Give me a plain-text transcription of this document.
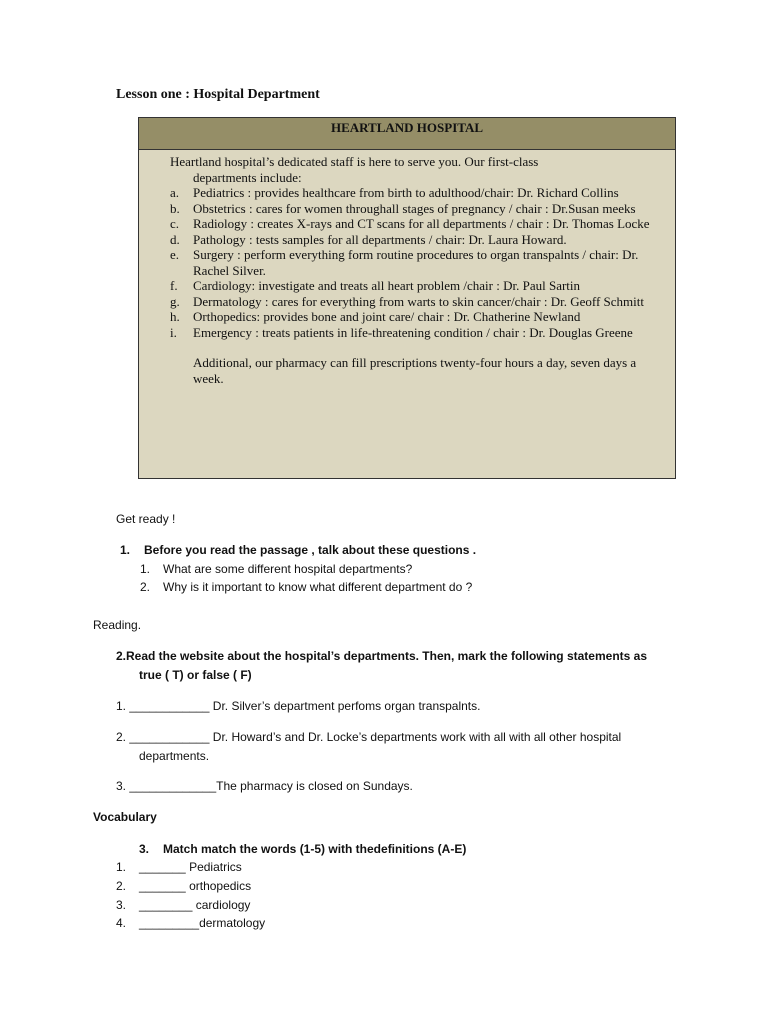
Lesson one : Hospital Department
HEARTLAND HOSPITAL
Heartland hospital’s dedicated staff is here to serve you. Our first-class
departments include:
a.	Pediatrics : provides healthcare from birth to adulthood/chair: Dr. Richard Collins
b.	Obstetrics : cares for women throughall stages of pregnancy / chair : Dr.Susan meeks
c.	Radiology : creates X-rays and CT scans for all departments / chair : Dr. Thomas Locke
d.	Pathology : tests samples for all departments / chair: Dr. Laura Howard.
e.	Surgery : perform everything form routine procedures to organ transpalnts / chair: Dr. Rachel Silver.
f.	Cardiology: investigate and treats all heart problem /chair : Dr. Paul Sartin
g.	Dermatology : cares for everything from warts to skin cancer/chair : Dr. Geoff Schmitt
h.	Orthopedics: provides bone and joint care/ chair : Dr. Chatherine Newland
i.	Emergency : treats patients in life-threatening condition / chair : Dr. Douglas Greene
Additional, our pharmacy can fill prescriptions twenty-four hours a day, seven days a week.
Get ready !
1. Before you read the passage , talk about these questions .
1. What are some different hospital departments?
2. Why is it important to know what different department do ?
Reading.
2.Read the website about the hospital’s departments. Then, mark the following statements as
true ( T) or false ( F)
1. ____________ Dr. Silver’s department perfoms organ transpalnts.
2. ____________ Dr. Howard’s and Dr. Locke’s departments work with all with all other hospital
departments.
3. _____________The pharmacy is closed on Sundays.
Vocabulary
3. Match match the words (1-5) with thedefinitions (A-E)
1. _______ Pediatrics
2. _______ orthopedics
3. ________ cardiology
4. _________dermatology
